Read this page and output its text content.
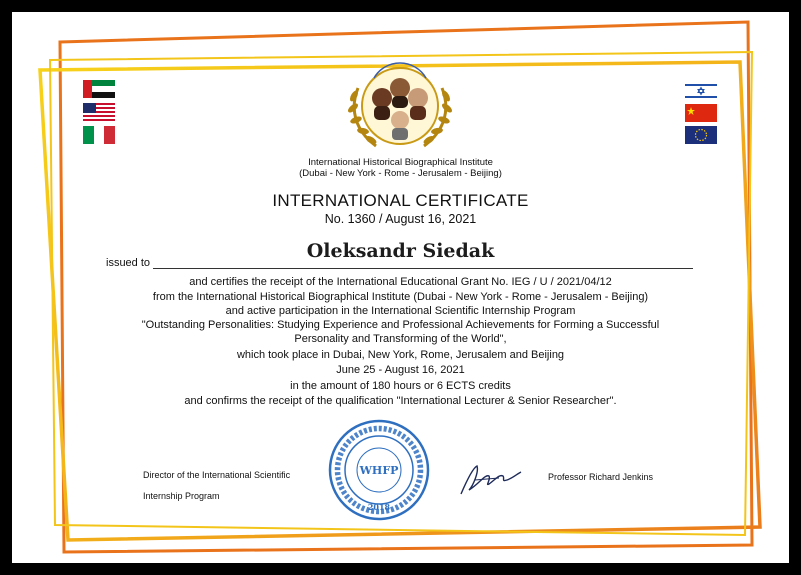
International Historical Biographical Institute
(Dubai - New York - Rome - Jerusalem - Beijing)
INTERNATIONAL CERTIFICATE
No. 1360 / August 16, 2021
issued to
Oleksandr Siedak
and certifies the receipt of the International Educational Grant No. IEG / U / 2021/04/12
from the International Historical Biographical Institute (Dubai - New York - Rome - Jerusalem - Beijing)
and active participation in the International Scientific Internship Program
"Outstanding Personalities: Studying Experience and Professional Achievements for Forming a Successful
Personality and Transforming of the World",
which took place in Dubai, New York, Rome, Jerusalem and Beijing
June 25 - August 16, 2021
in the amount of 180 hours or 6 ECTS credits
and confirms the receipt of the qualification "International Lecturer & Senior Researcher".
Director of the International Scientific
Internship Program
Professor Richard Jenkins
WHFP
2018
